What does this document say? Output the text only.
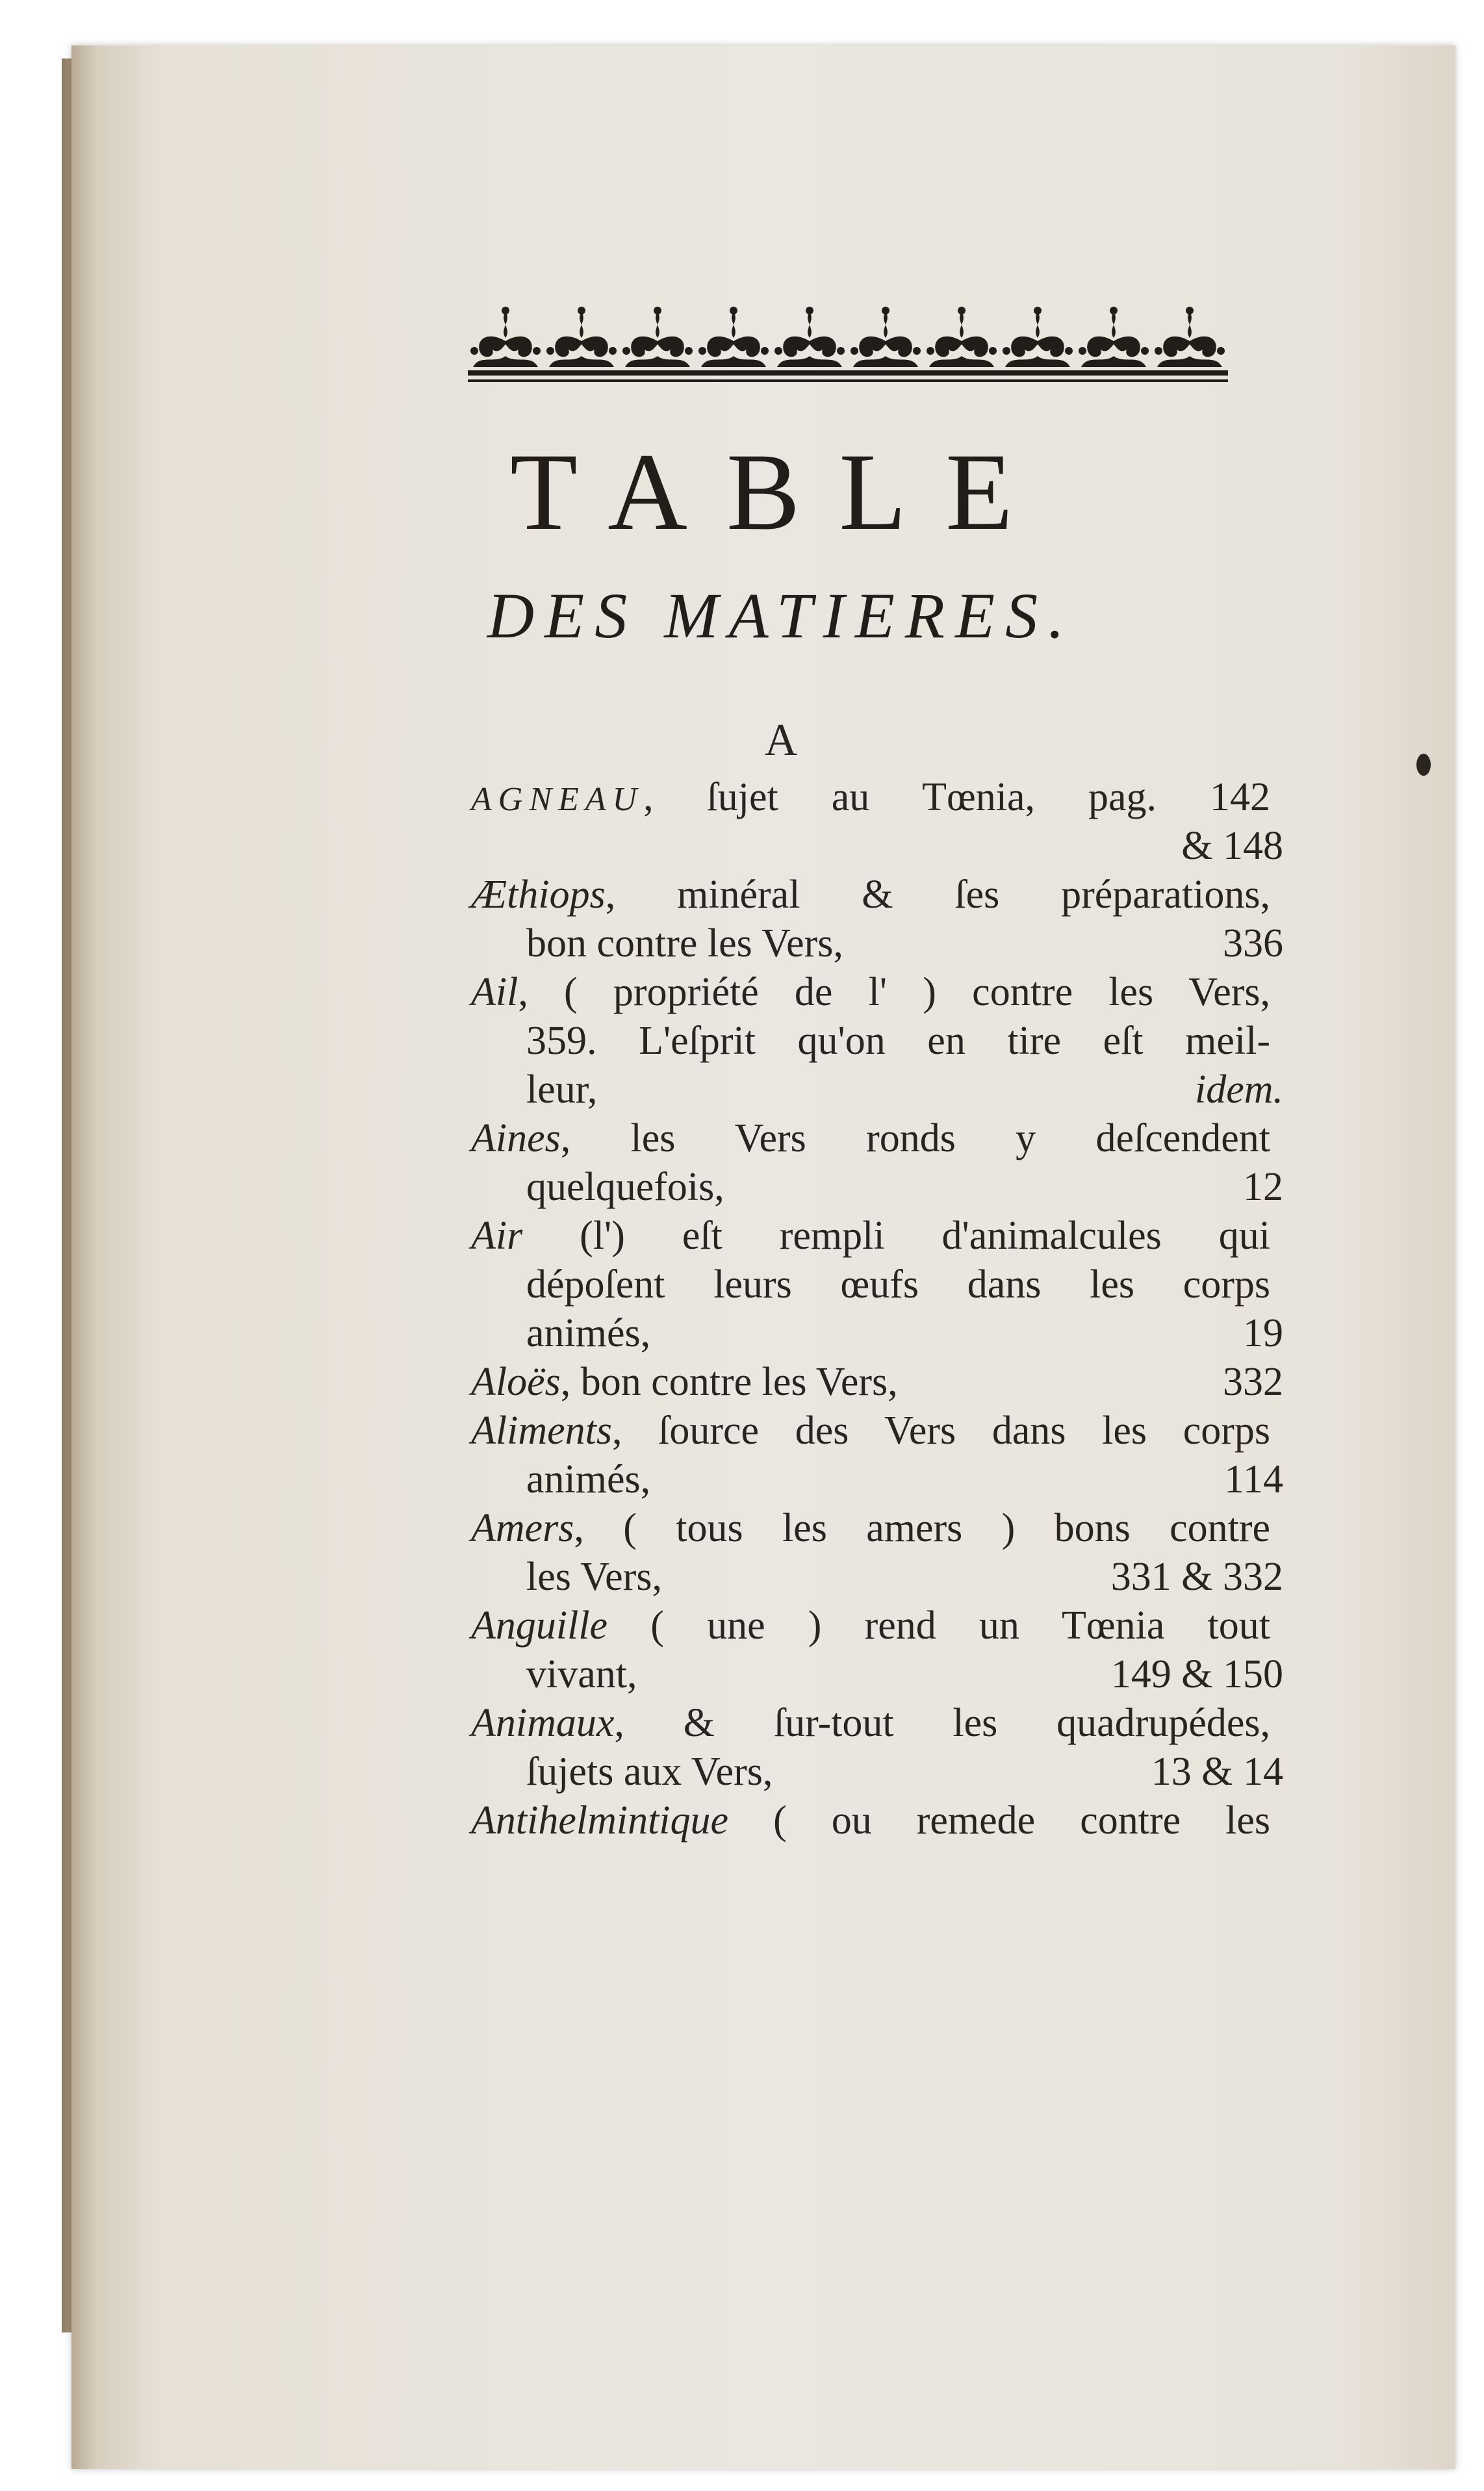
TABLE
DES MATIERES.
A
AGNEAU, ſujet au Tœnia, pag. 142
& 148
Æthiops, minéral & ſes préparations,
bon contre les Vers,	336
Ail, ( propriété de l' ) contre les Vers,
359. L'eſprit qu'on en tire eſt meil-
leur,	idem.
Aines, les Vers ronds y deſcendent
quelquefois,	12
Air (l') eſt rempli d'animalcules qui
dépoſent leurs œufs dans les corps
animés,	19
Aloës, bon contre les Vers,	332
Aliments, ſource des Vers dans les corps
animés,	114
Amers, ( tous les amers ) bons contre
les Vers,	331 & 332
Anguille ( une ) rend un Tœnia tout
vivant,	149 & 150
Animaux, & ſur-tout les quadrupédes,
ſujets aux Vers,	13 & 14
Antihelmintique ( ou remede contre les
